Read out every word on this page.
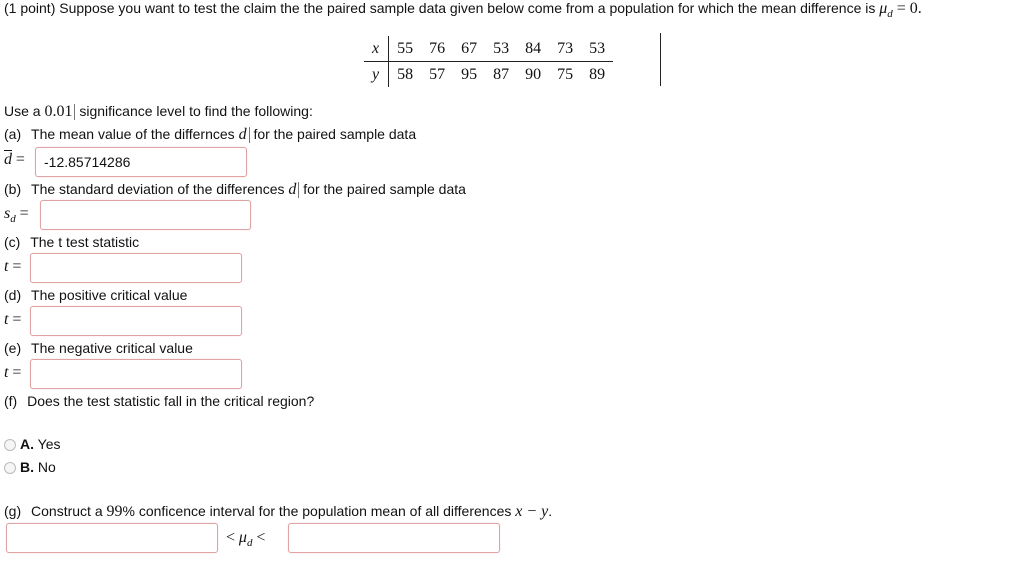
(1 point) Suppose you want to test the claim the the paired sample data given below come from a population for which the mean difference is $\mu_d = 0$.
x	55	76	67	53	84	73	53
y	58	57	95	87	90	75	89
Use a 0.01 significance level to find the following:
(a) The mean value of the differnces d for the paired sample data
$\overline{d}$ =
-12.85714286
(b) The standard deviation of the differences d for the paired sample data
$s_d$ =
(c) The t test statistic
t =
(d) The positive critical value
t =
(e) The negative critical value
t =
(f) Does the test statistic fall in the critical region?
A. Yes
B. No
(g) Construct a 99% conficence interval for the population mean of all differences x − y.
< $\mu_d$ <
